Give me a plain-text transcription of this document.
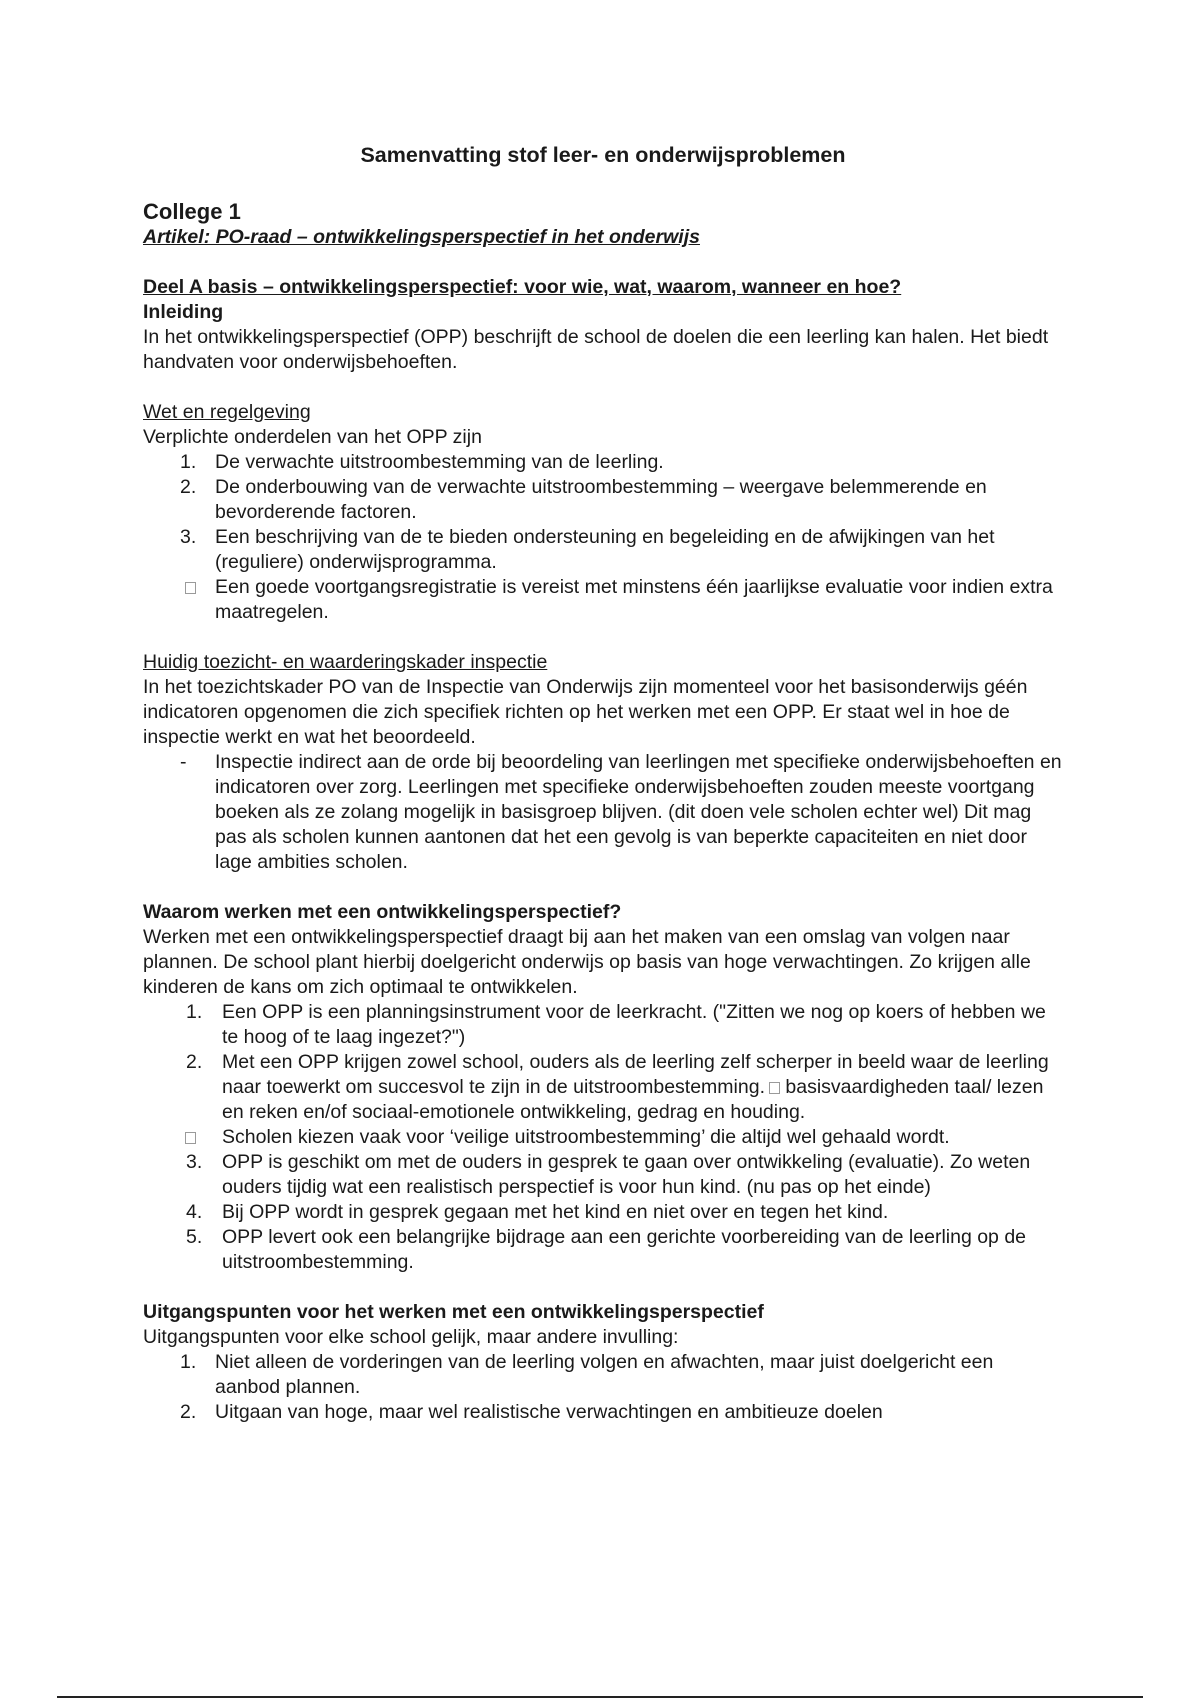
Samenvatting stof leer- en onderwijsproblemen
College 1

Artikel: PO-raad – ontwikkelingsperspectief in het onderwijs

Deel A basis – ontwikkelingsperspectief: voor wie, wat, waarom, wanneer en hoe?

Inleiding

In het ontwikkelingsperspectief (OPP) beschrijft de school de doelen die een leerling kan halen. Het biedt handvaten voor onderwijsbehoeften.

Wet en regelgeving

Verplichte onderdelen van het OPP zijn

1. De verwachte uitstroombestemming van de leerling.
2. De onderbouwing van de verwachte uitstroombestemming – weergave belemmerende en bevorderende factoren.
3. Een beschrijving van de te bieden ondersteuning en begeleiding en de afwijkingen van het (reguliere) onderwijsprogramma.
Een goede voortgangsregistratie is vereist met minstens één jaarlijkse evaluatie voor indien extra maatregelen.

Huidig toezicht- en waarderingskader inspectie

In het toezichtskader PO van de Inspectie van Onderwijs zijn momenteel voor het basisonderwijs géén indicatoren opgenomen die zich specifiek richten op het werken met een OPP. Er staat wel in hoe de inspectie werkt en wat het beoordeeld.

-	Inspectie indirect aan de orde bij beoordeling van leerlingen met specifieke onderwijsbehoeften en indicatoren over zorg. Leerlingen met specifieke onderwijsbehoeften zouden meeste voortgang boeken als ze zolang mogelijk in basisgroep blijven. (dit doen vele scholen echter wel) Dit mag pas als scholen kunnen aantonen dat het een gevolg is van beperkte capaciteiten en niet door lage ambities scholen.

Waarom werken met een ontwikkelingsperspectief?

Werken met een ontwikkelingsperspectief draagt bij aan het maken van een omslag van volgen naar plannen. De school plant hierbij doelgericht onderwijs op basis van hoge verwachtingen. Zo krijgen alle kinderen de kans om zich optimaal te ontwikkelen.

1.	Een OPP is een planningsinstrument voor de leerkracht. ("Zitten we nog op koers of hebben we te hoog of te laag ingezet?")
2.	Met een OPP krijgen zowel school, ouders als de leerling zelf scherper in beeld waar de leerling naar toewerkt om succesvol te zijn in de uitstroombestemming. basisvaardigheden taal/ lezen en reken en/of sociaal-emotionele ontwikkeling, gedrag en houding.
Scholen kiezen vaak voor ‘veilige uitstroombestemming’ die altijd wel gehaald wordt.
3.	OPP is geschikt om met de ouders in gesprek te gaan over ontwikkeling (evaluatie). Zo weten ouders tijdig wat een realistisch perspectief is voor hun kind. (nu pas op het einde)
4.	Bij OPP wordt in gesprek gegaan met het kind en niet over en tegen het kind.
5.	OPP levert ook een belangrijke bijdrage aan een gerichte voorbereiding van de leerling op de uitstroombestemming.

Uitgangspunten voor het werken met een ontwikkelingsperspectief

Uitgangspunten voor elke school gelijk, maar andere invulling:

1. Niet alleen de vorderingen van de leerling volgen en afwachten, maar juist doelgericht een aanbod plannen.
2. Uitgaan van hoge, maar wel realistische verwachtingen en ambitieuze doelen
